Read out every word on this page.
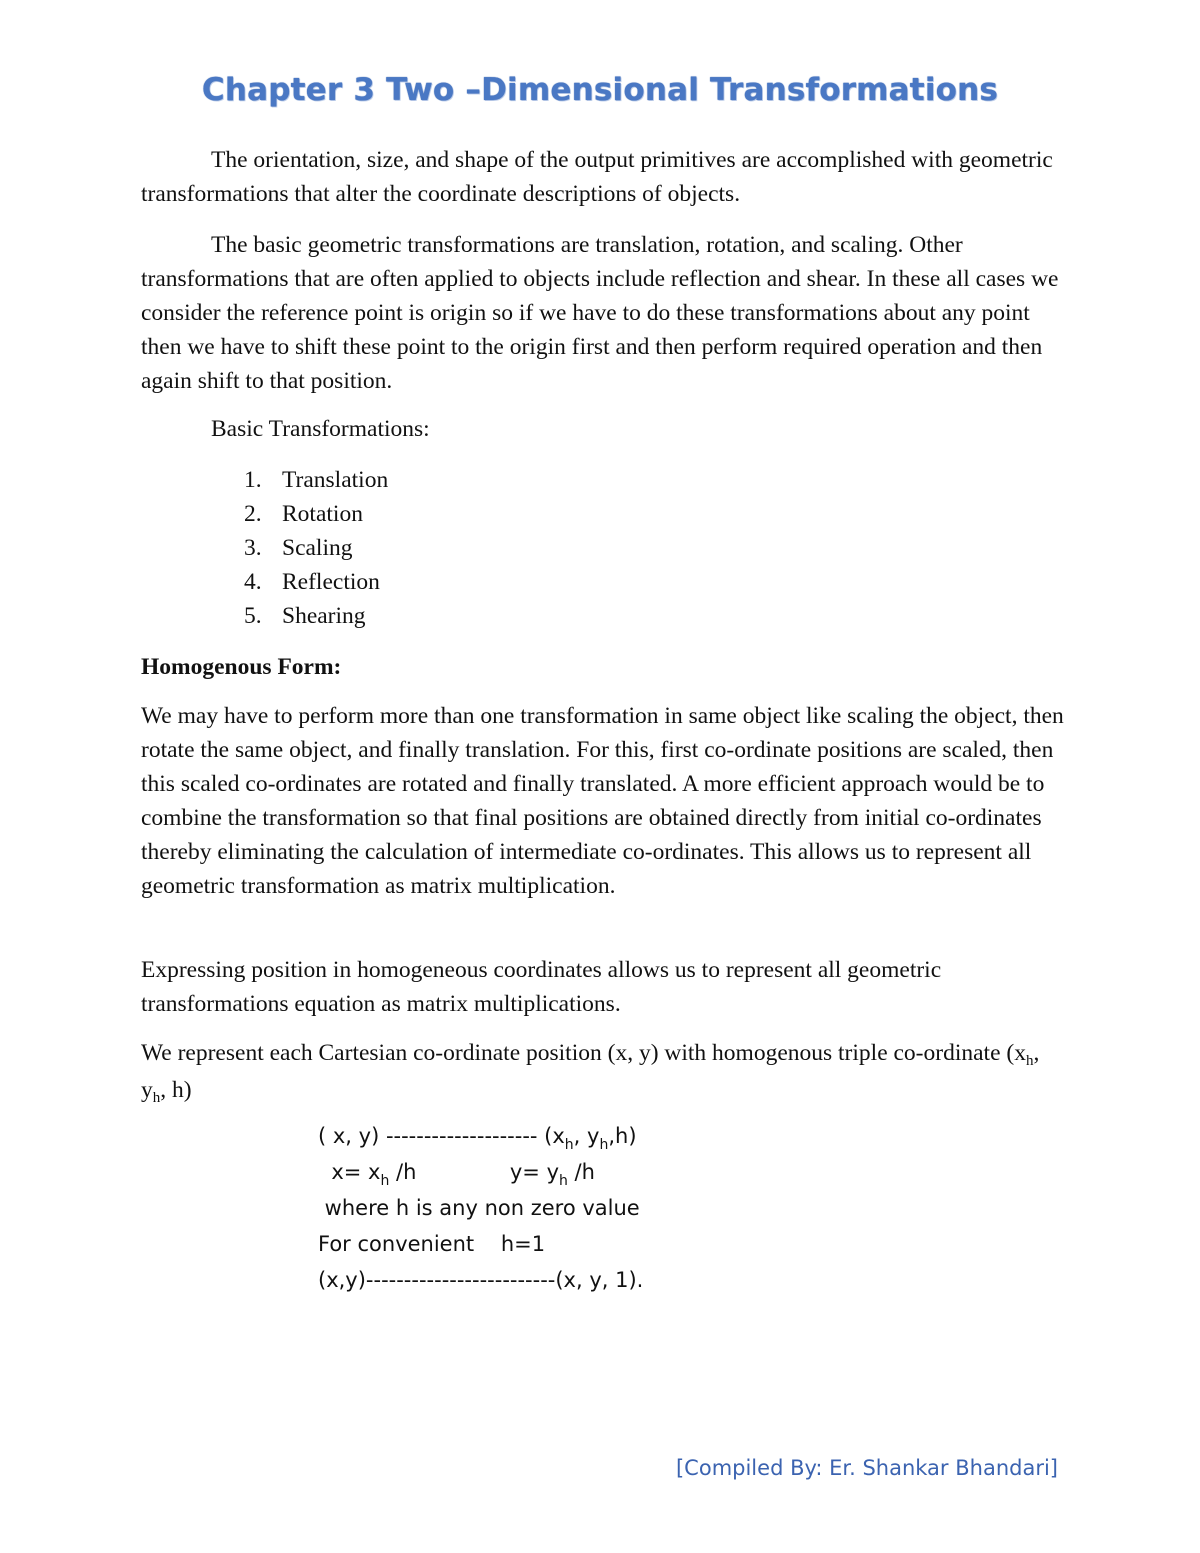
Chapter 3 Two –Dimensional Transformations

The orientation, size, and shape of the output primitives are accomplished with geometric transformations that alter the coordinate descriptions of objects.

The basic geometric transformations are translation, rotation, and scaling. Other transformations that are often applied to objects include reflection and shear. In these all cases we consider the reference point is origin so if we have to do these transformations about any point then we have to shift these point to the origin first and then perform required operation and then again shift to that position.

Basic Transformations:
1. Translation
2. Rotation
3. Scaling
4. Reflection
5. Shearing
Homogenous Form:

We may have to perform more than one transformation in same object like scaling the object, then rotate the same object, and finally translation. For this, first co-ordinate positions are scaled, then this scaled co-ordinates are rotated and finally translated. A more efficient approach would be to combine the transformation so that final positions are obtained directly from initial co-ordinates thereby eliminating the calculation of intermediate co-ordinates. This allows us to represent all geometric transformation as matrix multiplication.

Expressing position in homogeneous coordinates allows us to represent all geometric transformations equation as matrix multiplications.

We represent each Cartesian co-ordinate position (x, y) with homogenous triple co-ordinate ($x_h$, $y_h$, h)

( x, y) -------------------- ($x_h$, $y_h,h$)
$x= x_h$ /h              $y= y_h$ /h
where h is any non zero value
For convenient    h=1
(x,y)-------------------------(x, y, 1).
[Compiled By: Er. Shankar Bhandari]
